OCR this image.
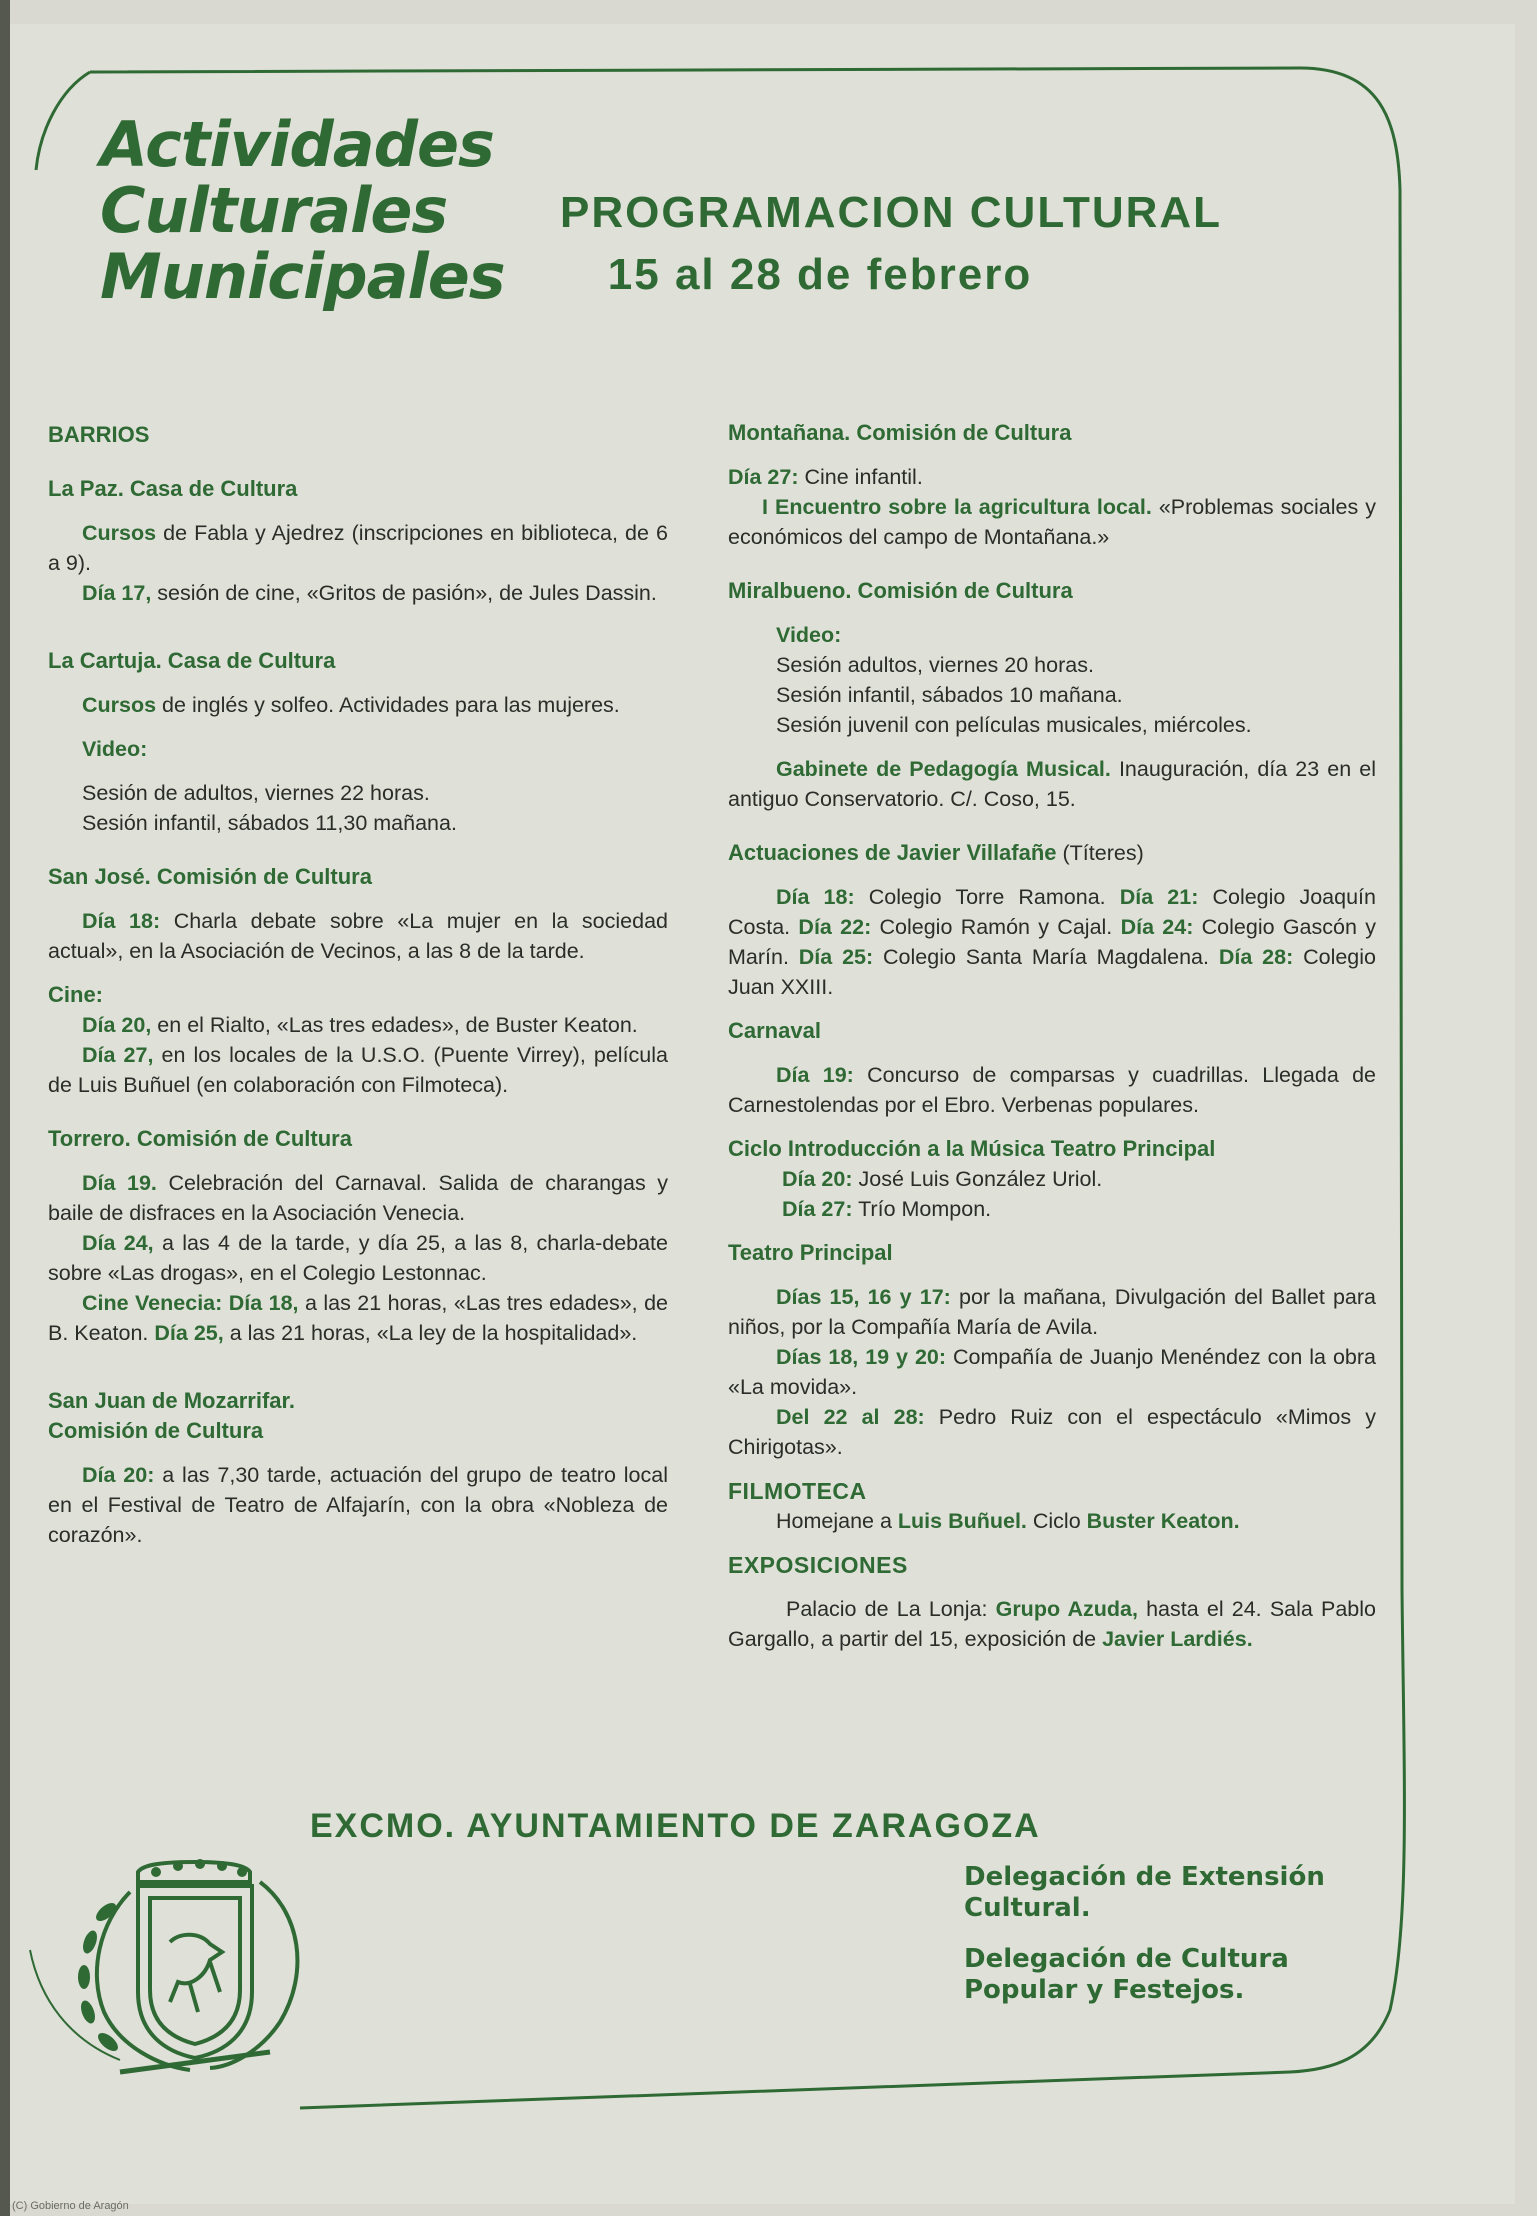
Actividades
Culturales
Municipales
PROGRAMACION CULTURAL
15 al 28 de febrero

BARRIOS

La Paz. Casa de Cultura

Cursos de Fabla y Ajedrez (inscripciones en biblioteca, de 6 a 9).

Día 17, sesión de cine, «Gritos de pasión», de Jules Dassin.

La Cartuja. Casa de Cultura

Cursos de inglés y solfeo. Actividades para las mujeres.

Video:

Sesión de adultos, viernes 22 horas.

Sesión infantil, sábados 11,30 mañana.

San José. Comisión de Cultura

Día 18: Charla debate sobre «La mujer en la sociedad actual», en la Asociación de Vecinos, a las 8 de la tarde.

Cine:

Día 20, en el Rialto, «Las tres edades», de Buster Keaton.

Día 27, en los locales de la U.S.O. (Puente Virrey), película de Luis Buñuel (en colaboración con Filmoteca).

Torrero. Comisión de Cultura

Día 19. Celebración del Carnaval. Salida de charangas y baile de disfraces en la Asociación Venecia.

Día 24, a las 4 de la tarde, y día 25, a las 8, charla-debate sobre «Las drogas», en el Colegio Lestonnac.

Cine Venecia: Día 18, a las 21 horas, «Las tres edades», de B. Keaton. Día 25, a las 21 horas, «La ley de la hospitalidad».

San Juan de Mozarrifar.

Comisión de Cultura

Día 20: a las 7,30 tarde, actuación del grupo de teatro local en el Festival de Teatro de Alfajarín, con la obra «Nobleza de corazón».

Montañana. Comisión de Cultura

Día 27: Cine infantil.

I Encuentro sobre la agricultura local. «Problemas sociales y económicos del campo de Montañana.»

Miralbueno. Comisión de Cultura

Video:

Sesión adultos, viernes 20 horas.

Sesión infantil, sábados 10 mañana.

Sesión juvenil con películas musicales, miércoles.

Gabinete de Pedagogía Musical. Inauguración, día 23 en el antiguo Conservatorio. C/. Coso, 15.

Actuaciones de Javier Villafañe (Títeres)

Día 18: Colegio Torre Ramona. Día 21: Colegio Joaquín Costa. Día 22: Colegio Ramón y Cajal. Día 24: Colegio Gascón y Marín. Día 25: Colegio Santa María Magdalena. Día 28: Colegio Juan XXIII.

Carnaval

Día 19: Concurso de comparsas y cuadrillas. Llegada de Carnestolendas por el Ebro. Verbenas populares.

Ciclo Introducción a la Música Teatro Principal

Día 20: José Luis González Uriol.

Día 27: Trío Mompon.

Teatro Principal

Días 15, 16 y 17: por la mañana, Divulgación del Ballet para niños, por la Compañía María de Avila.

Días 18, 19 y 20: Compañía de Juanjo Menéndez con la obra «La movida».

Del 22 al 28: Pedro Ruiz con el espectáculo «Mimos y Chirigotas».

FILMOTECA

Homejane a Luis Buñuel. Ciclo Buster Keaton.

EXPOSICIONES

Palacio de La Lonja: Grupo Azuda, hasta el 24. Sala Pablo Gargallo, a partir del 15, exposición de Javier Lardiés.

EXCMO. AYUNTAMIENTO DE ZARAGOZA

Delegación de Extensión Cultural.

Delegación de Cultura Popular y Festejos.

(C) Gobierno de Aragón
